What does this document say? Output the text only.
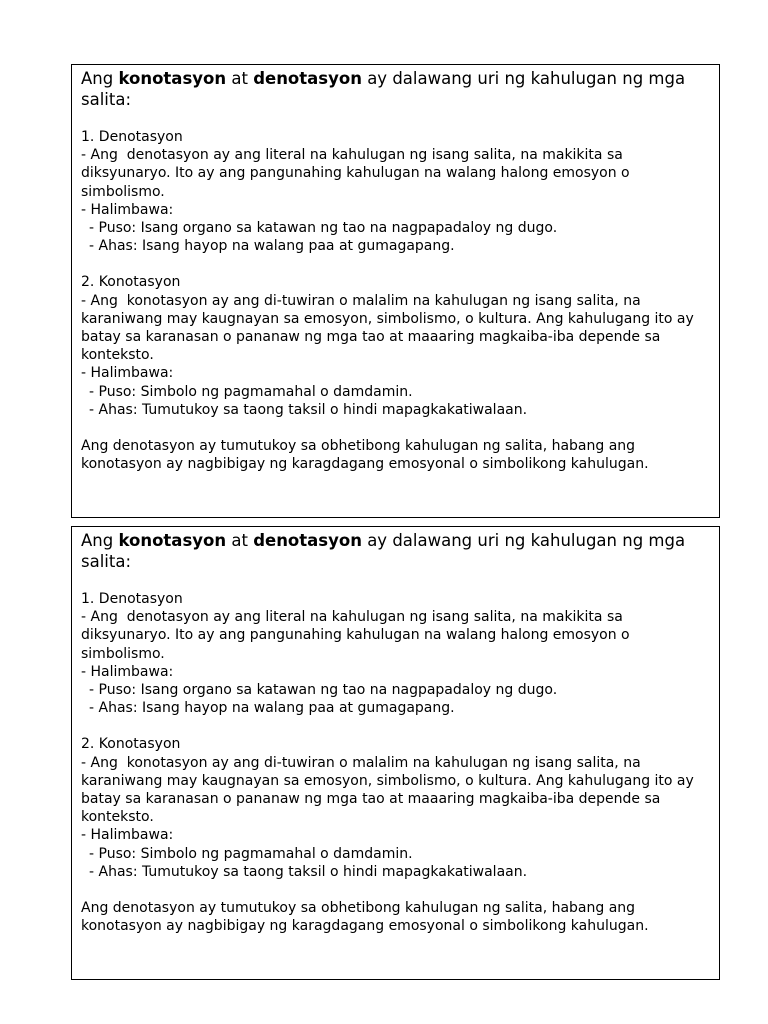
Ang konotasyon at denotasyon ay dalawang uri ng kahulugan ng mga salita:

1. Denotasyon
- Ang  denotasyon ay ang literal na kahulugan ng isang salita, na makikita sa diksyunaryo. Ito ay ang pangunahing kahulugan na walang halong emosyon o simbolismo.
- Halimbawa:
- Puso: Isang organo sa katawan ng tao na nagpapadaloy ng dugo.
- Ahas: Isang hayop na walang paa at gumagapang.
2. Konotasyon
- Ang  konotasyon ay ang di-tuwiran o malalim na kahulugan ng isang salita, na karaniwang may kaugnayan sa emosyon, simbolismo, o kultura. Ang kahulugang ito ay batay sa karanasan o pananaw ng mga tao at maaaring magkaiba-iba depende sa konteksto.
- Halimbawa:
- Puso: Simbolo ng pagmamahal o damdamin.
- Ahas: Tumutukoy sa taong taksil o hindi mapagkakatiwalaan.

Ang denotasyon ay tumutukoy sa obhetibong kahulugan ng salita, habang ang konotasyon ay nagbibigay ng karagdagang emosyonal o simbolikong kahulugan.

Ang konotasyon at denotasyon ay dalawang uri ng kahulugan ng mga salita:

1. Denotasyon
- Ang  denotasyon ay ang literal na kahulugan ng isang salita, na makikita sa diksyunaryo. Ito ay ang pangunahing kahulugan na walang halong emosyon o simbolismo.
- Halimbawa:
- Puso: Isang organo sa katawan ng tao na nagpapadaloy ng dugo.
- Ahas: Isang hayop na walang paa at gumagapang.
2. Konotasyon
- Ang  konotasyon ay ang di-tuwiran o malalim na kahulugan ng isang salita, na karaniwang may kaugnayan sa emosyon, simbolismo, o kultura. Ang kahulugang ito ay batay sa karanasan o pananaw ng mga tao at maaaring magkaiba-iba depende sa konteksto.
- Halimbawa:
- Puso: Simbolo ng pagmamahal o damdamin.
- Ahas: Tumutukoy sa taong taksil o hindi mapagkakatiwalaan.

Ang denotasyon ay tumutukoy sa obhetibong kahulugan ng salita, habang ang konotasyon ay nagbibigay ng karagdagang emosyonal o simbolikong kahulugan.
